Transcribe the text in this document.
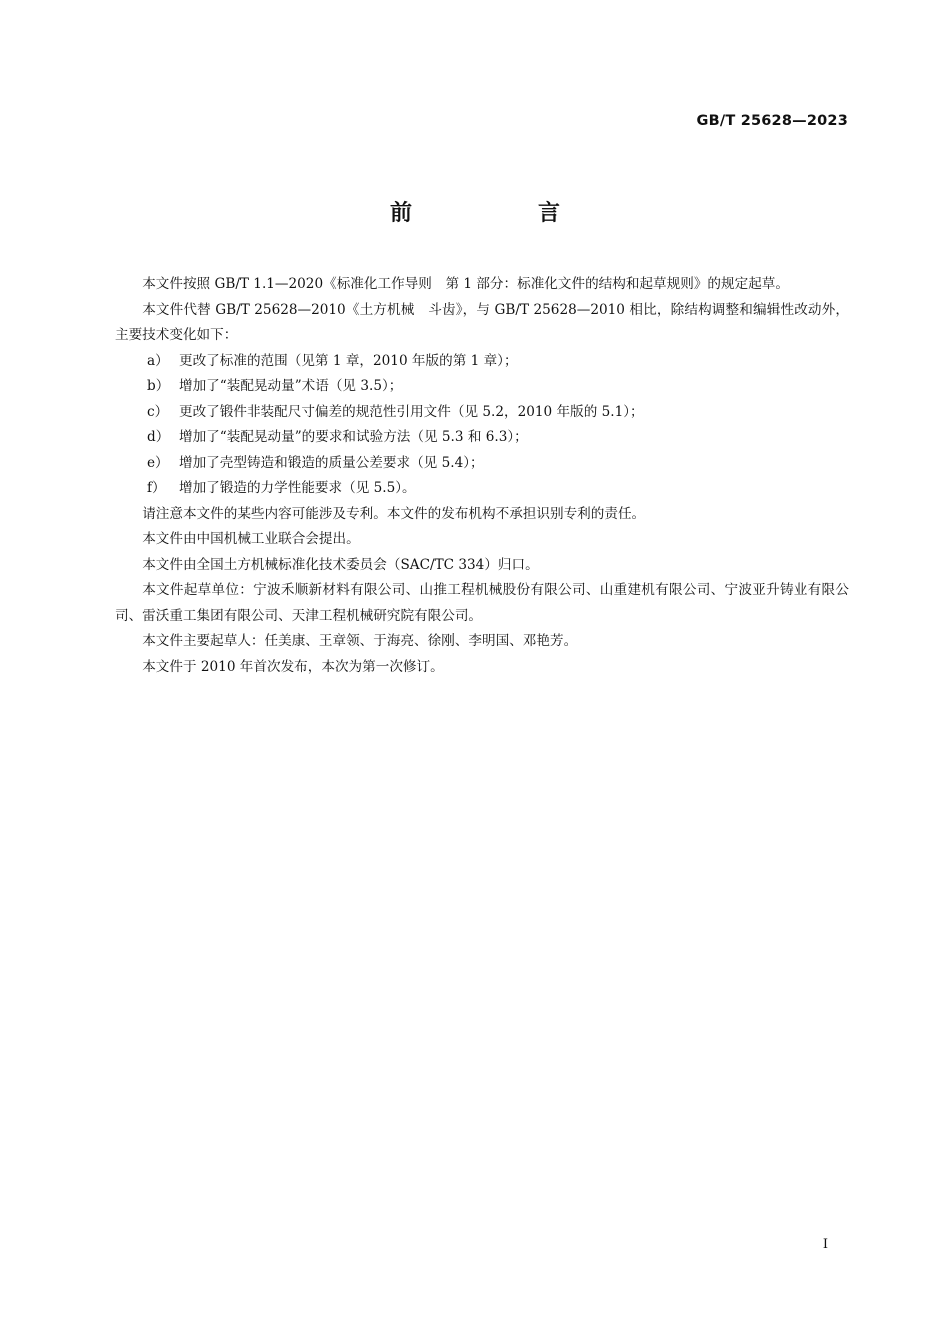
GB/T 25628—2023
前　言

本文件按照 GB/T 1.1—2020《标准化工作导则　第 1 部分：标准化文件的结构和起草规则》的规定起草。

本文件代替 GB/T 25628—2010《土方机械　斗齿》，与 GB/T 25628—2010 相比，除结构调整和编辑性改动外，主要技术变化如下：

a） 更改了标准的范围（见第 1 章，2010 年版的第 1 章）；
b） 增加了“装配晃动量”术语（见 3.5）；
c） 更改了锻件非装配尺寸偏差的规范性引用文件（见 5.2，2010 年版的 5.1）；
d） 增加了“装配晃动量”的要求和试验方法（见 5.3 和 6.3）；
e） 增加了壳型铸造和锻造的质量公差要求（见 5.4）；
f） 增加了锻造的力学性能要求（见 5.5）。

请注意本文件的某些内容可能涉及专利。本文件的发布机构不承担识别专利的责任。

本文件由中国机械工业联合会提出。

本文件由全国土方机械标准化技术委员会（SAC/TC 334）归口。

本文件起草单位：宁波禾顺新材料有限公司、山推工程机械股份有限公司、山重建机有限公司、宁波亚升铸业有限公司、雷沃重工集团有限公司、天津工程机械研究院有限公司。

本文件主要起草人：任美康、王章领、于海亮、徐刚、李明国、邓艳芳。

本文件于 2010 年首次发布，本次为第一次修订。

I
